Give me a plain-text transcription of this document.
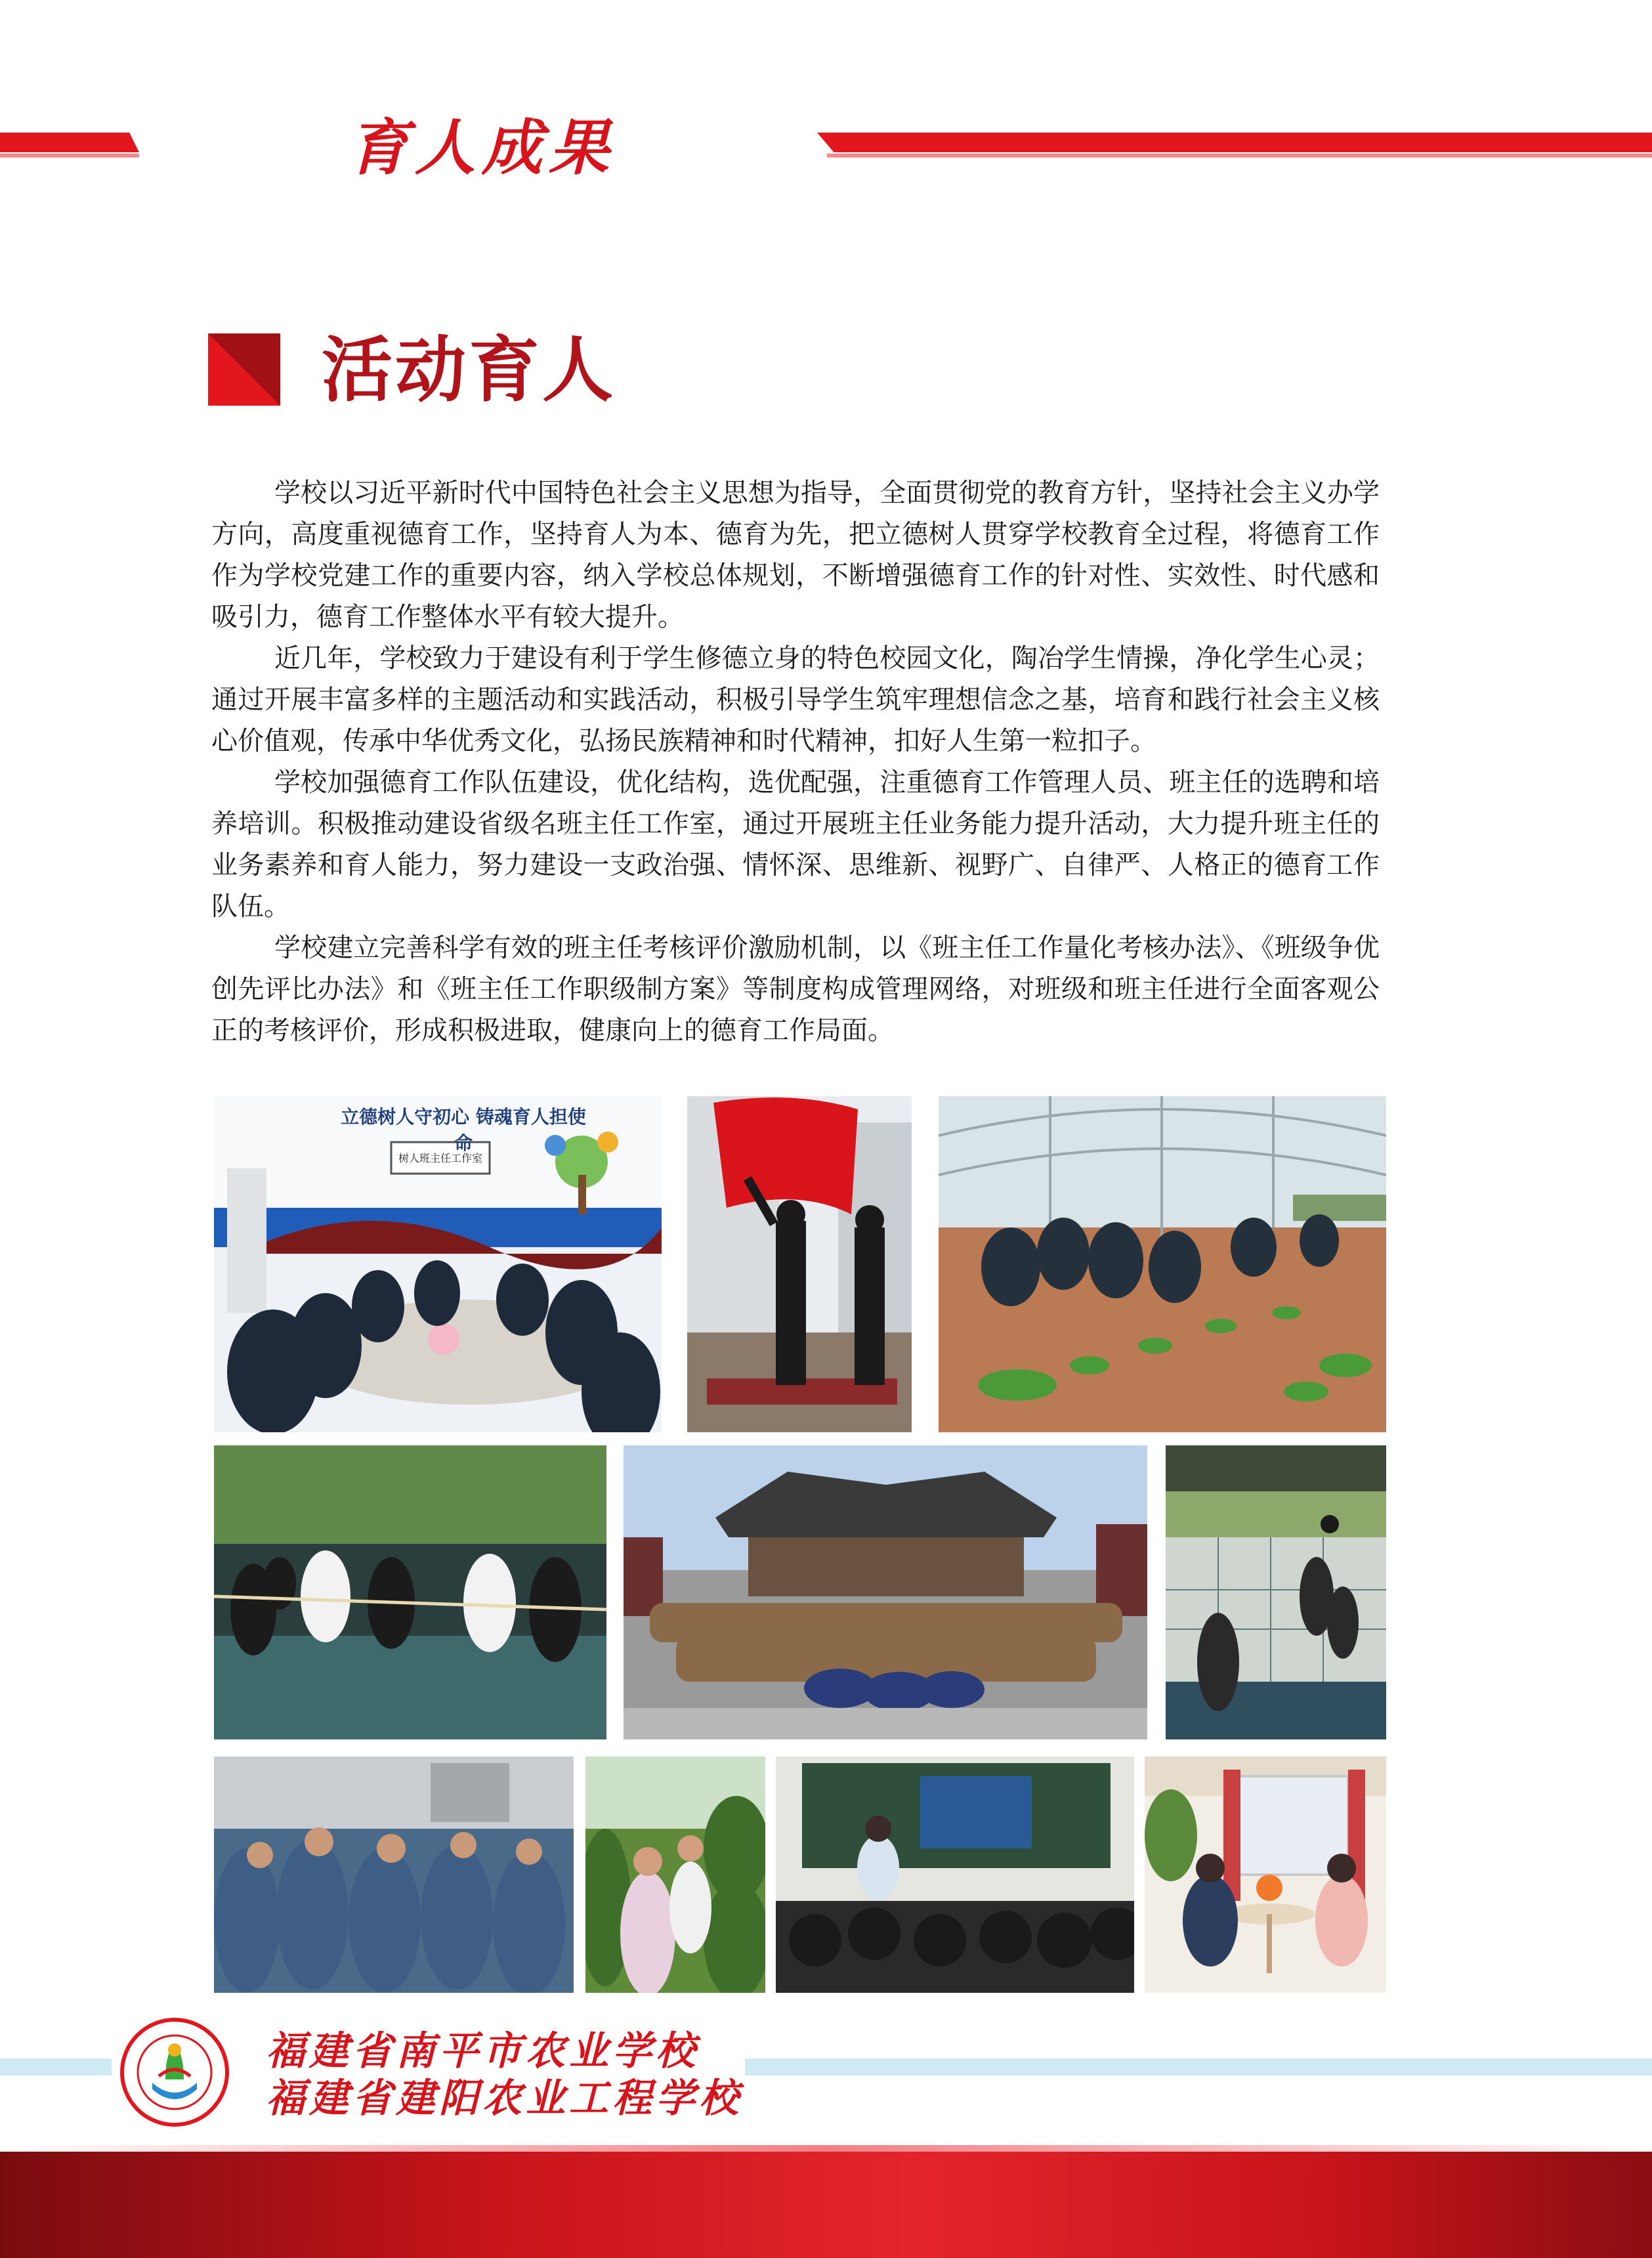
育人成果
活动育人

学校以习近平新时代中国特色社会主义思想为指导，全面贯彻党的教育方针，坚持社会主义办学方向，高度重视德育工作，坚持育人为本、德育为先，把立德树人贯穿学校教育全过程，将德育工作作为学校党建工作的重要内容，纳入学校总体规划，不断增强德育工作的针对性、实效性、时代感和吸引力，德育工作整体水平有较大提升。

近几年，学校致力于建设有利于学生修德立身的特色校园文化，陶冶学生情操，净化学生心灵；通过开展丰富多样的主题活动和实践活动，积极引导学生筑牢理想信念之基，培育和践行社会主义核心价值观，传承中华优秀文化，弘扬民族精神和时代精神，扣好人生第一粒扣子。

学校加强德育工作队伍建设，优化结构，选优配强，注重德育工作管理人员、班主任的选聘和培养培训。积极推动建设省级名班主任工作室，通过开展班主任业务能力提升活动，大力提升班主任的业务素养和育人能力，努力建设一支政治强、情怀深、思维新、视野广、自律严、人格正的德育工作队伍。

学校建立完善科学有效的班主任考核评价激励机制，以《班主任工作量化考核办法》、《班级争优创先评比办法》和《班主任工作职级制方案》等制度构成管理网络，对班级和班主任进行全面客观公正的考核评价，形成积极进取，健康向上的德育工作局面。

立德树人守初心 铸魂育人担使命
树人班主任工作室
福建省南平市农业学校
福建省建阳农业工程学校
